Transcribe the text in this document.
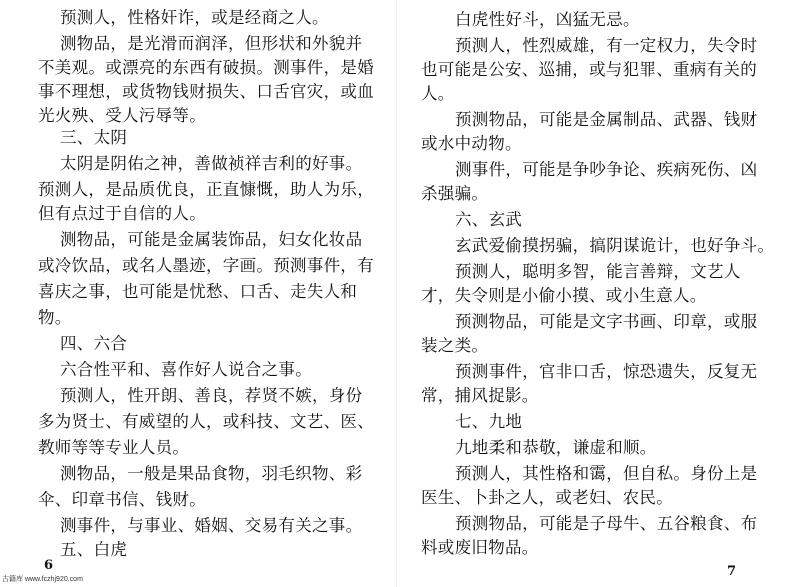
预测人，性格奸诈，或是经商之人。
测物品，是光滑而润泽，但形状和外貌并
不美观。或漂亮的东西有破损。测事件，是婚
事不理想，或货物钱财损失、口舌官灾，或血
光火殃、受人污辱等。
三、太阴
太阴是阴佑之神，善做祯祥吉利的好事。
预测人，是品质优良，正直慷慨，助人为乐，
但有点过于自信的人。
测物品，可能是金属装饰品，妇女化妆品
或冷饮品，或名人墨迹，字画。预测事件，有
喜庆之事，也可能是忧愁、口舌、走失人和
物。
四、六合
六合性平和、喜作好人说合之事。
预测人，性开朗、善良，荐贤不嫉，身份
多为贤士、有威望的人，或科技、文艺、医、
教师等等专业人员。
测物品，一般是果品食物，羽毛织物、彩
伞、印章书信、钱财。
测事件，与事业、婚姻、交易有关之事。
五、白虎
6
白虎性好斗，凶猛无忌。
预测人，性烈威雄，有一定权力，失令时
也可能是公安、巡捕，或与犯罪、重病有关的
人。
预测物品，可能是金属制品、武器、钱财
或水中动物。
测事件，可能是争吵争论、疾病死伤、凶
杀强骗。
六、玄武
玄武爱偷摸拐骗，搞阴谋诡计，也好争斗。
预测人，聪明多智，能言善辩，文艺人
才，失令则是小偷小摸、或小生意人。
预测物品，可能是文字书画、印章，或服
装之类。
预测事件，官非口舌，惊恐遗失，反复无
常，捕风捉影。
七、九地
九地柔和恭敬，谦虚和顺。
预测人，其性格和霭，但自私。身份上是
医生、卜卦之人，或老妇、农民。
预测物品，可能是子母牛、五谷粮食、布
料或废旧物品。
7
古籍库 www.fczhj920.com
